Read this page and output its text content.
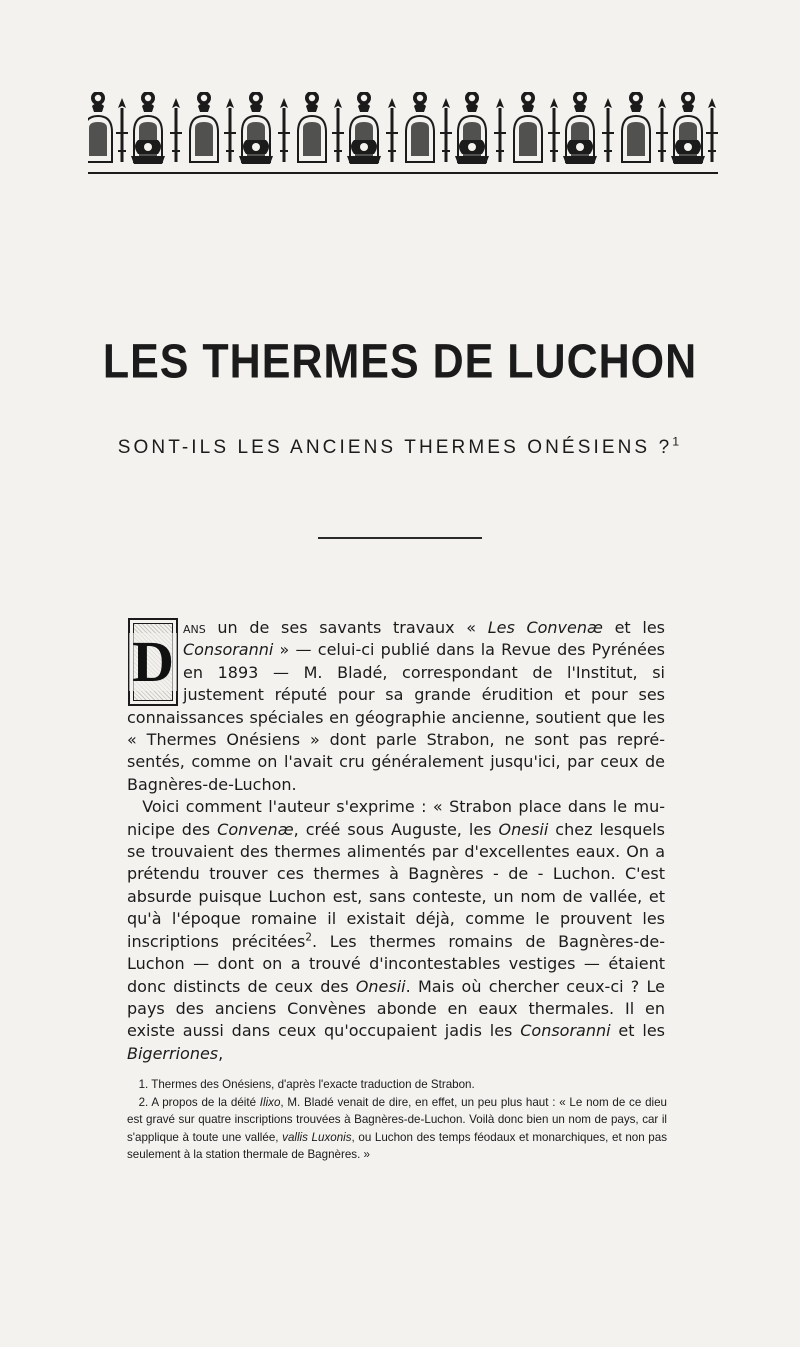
LES THERMES DE LUCHON

SONT-ILS LES ANCIENS THERMES ONÉSIENS ?$^1$

D

ans un de ses savants travaux « Les Convenæ et les Consoranni » — celui-ci publié dans la Revue des Pyrénées en 1893 — M. Bladé, correspondant de l'Institut, si justement réputé pour sa grande érudition et pour ses connaissances spéciales en géographie ancienne, soutient que les « Thermes Onésiens » dont parle Strabon, ne sont pas représentés, comme on l'avait cru généralement jusqu'ici, par ceux de Bagnères-de-Luchon.

Voici comment l'auteur s'exprime : « Strabon place dans le municipe des Convenæ, créé sous Auguste, les Onesii chez lesquels se trouvaient des thermes alimentés par d'excellentes eaux. On a prétendu trouver ces thermes à Bagnères - de - Luchon. C'est absurde puisque Luchon est, sans conteste, un nom de vallée, et qu'à l'époque romaine il existait déjà, comme le prouvent les inscriptions précitées$^2$. Les thermes romains de Bagnères-de-Luchon — dont on a trouvé d'incontestables vestiges — étaient donc distincts de ceux des Onesii. Mais où chercher ceux-ci ? Le pays des anciens Convènes abonde en eaux thermales. Il en existe aussi dans ceux qu'occupaient jadis les Consoranni et les Bigerriones,

1. Thermes des Onésiens, d'après l'exacte traduction de Strabon.

2. A propos de la déité Ilixo, M. Bladé venait de dire, en effet, un peu plus haut : « Le nom de ce dieu est gravé sur quatre inscriptions trouvées à Bagnères-de-Luchon. Voilà donc bien un nom de pays, car il s'applique à toute une vallée, vallis Luxonis, ou Luchon des temps féodaux et monarchiques, et non pas seulement à la station thermale de Bagnères. »
